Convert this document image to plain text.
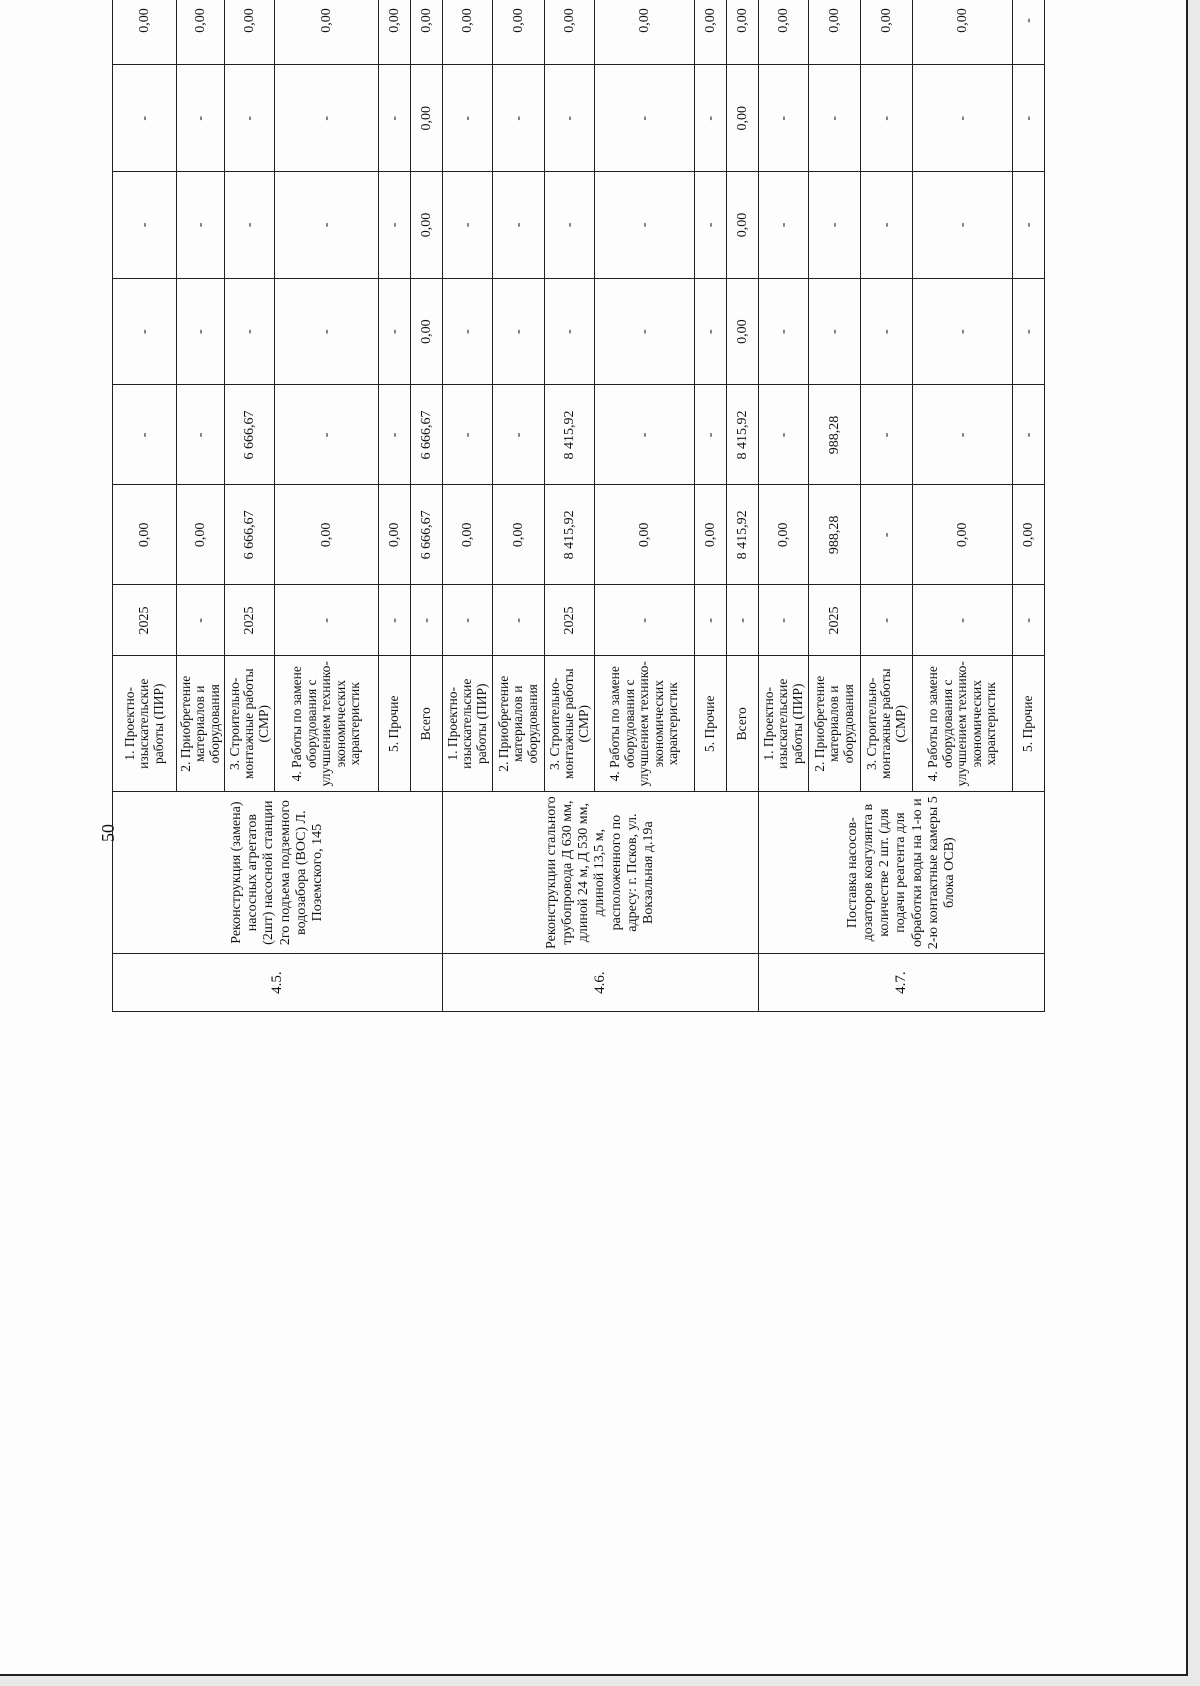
50
4.5.	Реконструкция (замена) насосных агрегатов (2шт) насосной станции 2го подъема подземного водозабора (ВОС) Л. Поземского, 145	1. Проектно-изыскательские работы (ПИР)	2025	0,00	-	-	-	-	0,00				
		2. Приобретение материалов и оборудования	-	0,00	-	-	-	-	0,00				
		3. Строительно-монтажные работы (СМР)	2025	6 666,67	6 666,67	-	-	-	0,00				
		4. Работы по замене оборудования с улучшением технико-экономических характеристик	-	0,00	-	-	-	-	0,00				
		5. Прочие	-	0,00	-	-	-	-	0,00				
		Всего	-	6 666,67	6 666,67	0,00	0,00	0,00	0,00				
4.6.	Реконструкции стального трубопровода Д 630 мм, длиной 24 м, Д 530 мм, длиной 13,5 м, расположенного по адресу: г. Псков, ул. Вокзальная д.19а	1. Проектно-изыскательские работы (ПИР)	-	0,00	-	-	-	-	0,00				
		2. Приобретение материалов и оборудования	-	0,00	-	-	-	-	0,00				
		3. Строительно-монтажные работы (СМР)	2025	8 415,92	8 415,92	-	-	-	0,00				
		4. Работы по замене оборудования с улучшением технико-экономических характеристик	-	0,00	-	-	-	-	0,00				
		5. Прочие	-	0,00	-	-	-	-	0,00				
		Всего	-	8 415,92	8 415,92	0,00	0,00	0,00	0,00				
4.7.	Поставка насосов-дозаторов коагулянта в количестве 2 шт. (для подачи реагента для обработки воды на 1-ю и 2-ю контактные камеры 5 блока ОСВ)	1. Проектно-изыскательские работы (ПИР)	-	0,00	-	-	-	-	0,00				
		2. Приобретение материалов и оборудования	2025	988,28	988,28	-	-	-	0,00				
		3. Строительно-монтажные работы (СМР)	-	-	-	-	-	-	0,00				
		4. Работы по замене оборудования с улучшением технико-экономических характеристик	-	0,00	-	-	-	-	0,00				
		5. Прочие	-	0,00	-	-	-	-	-				
